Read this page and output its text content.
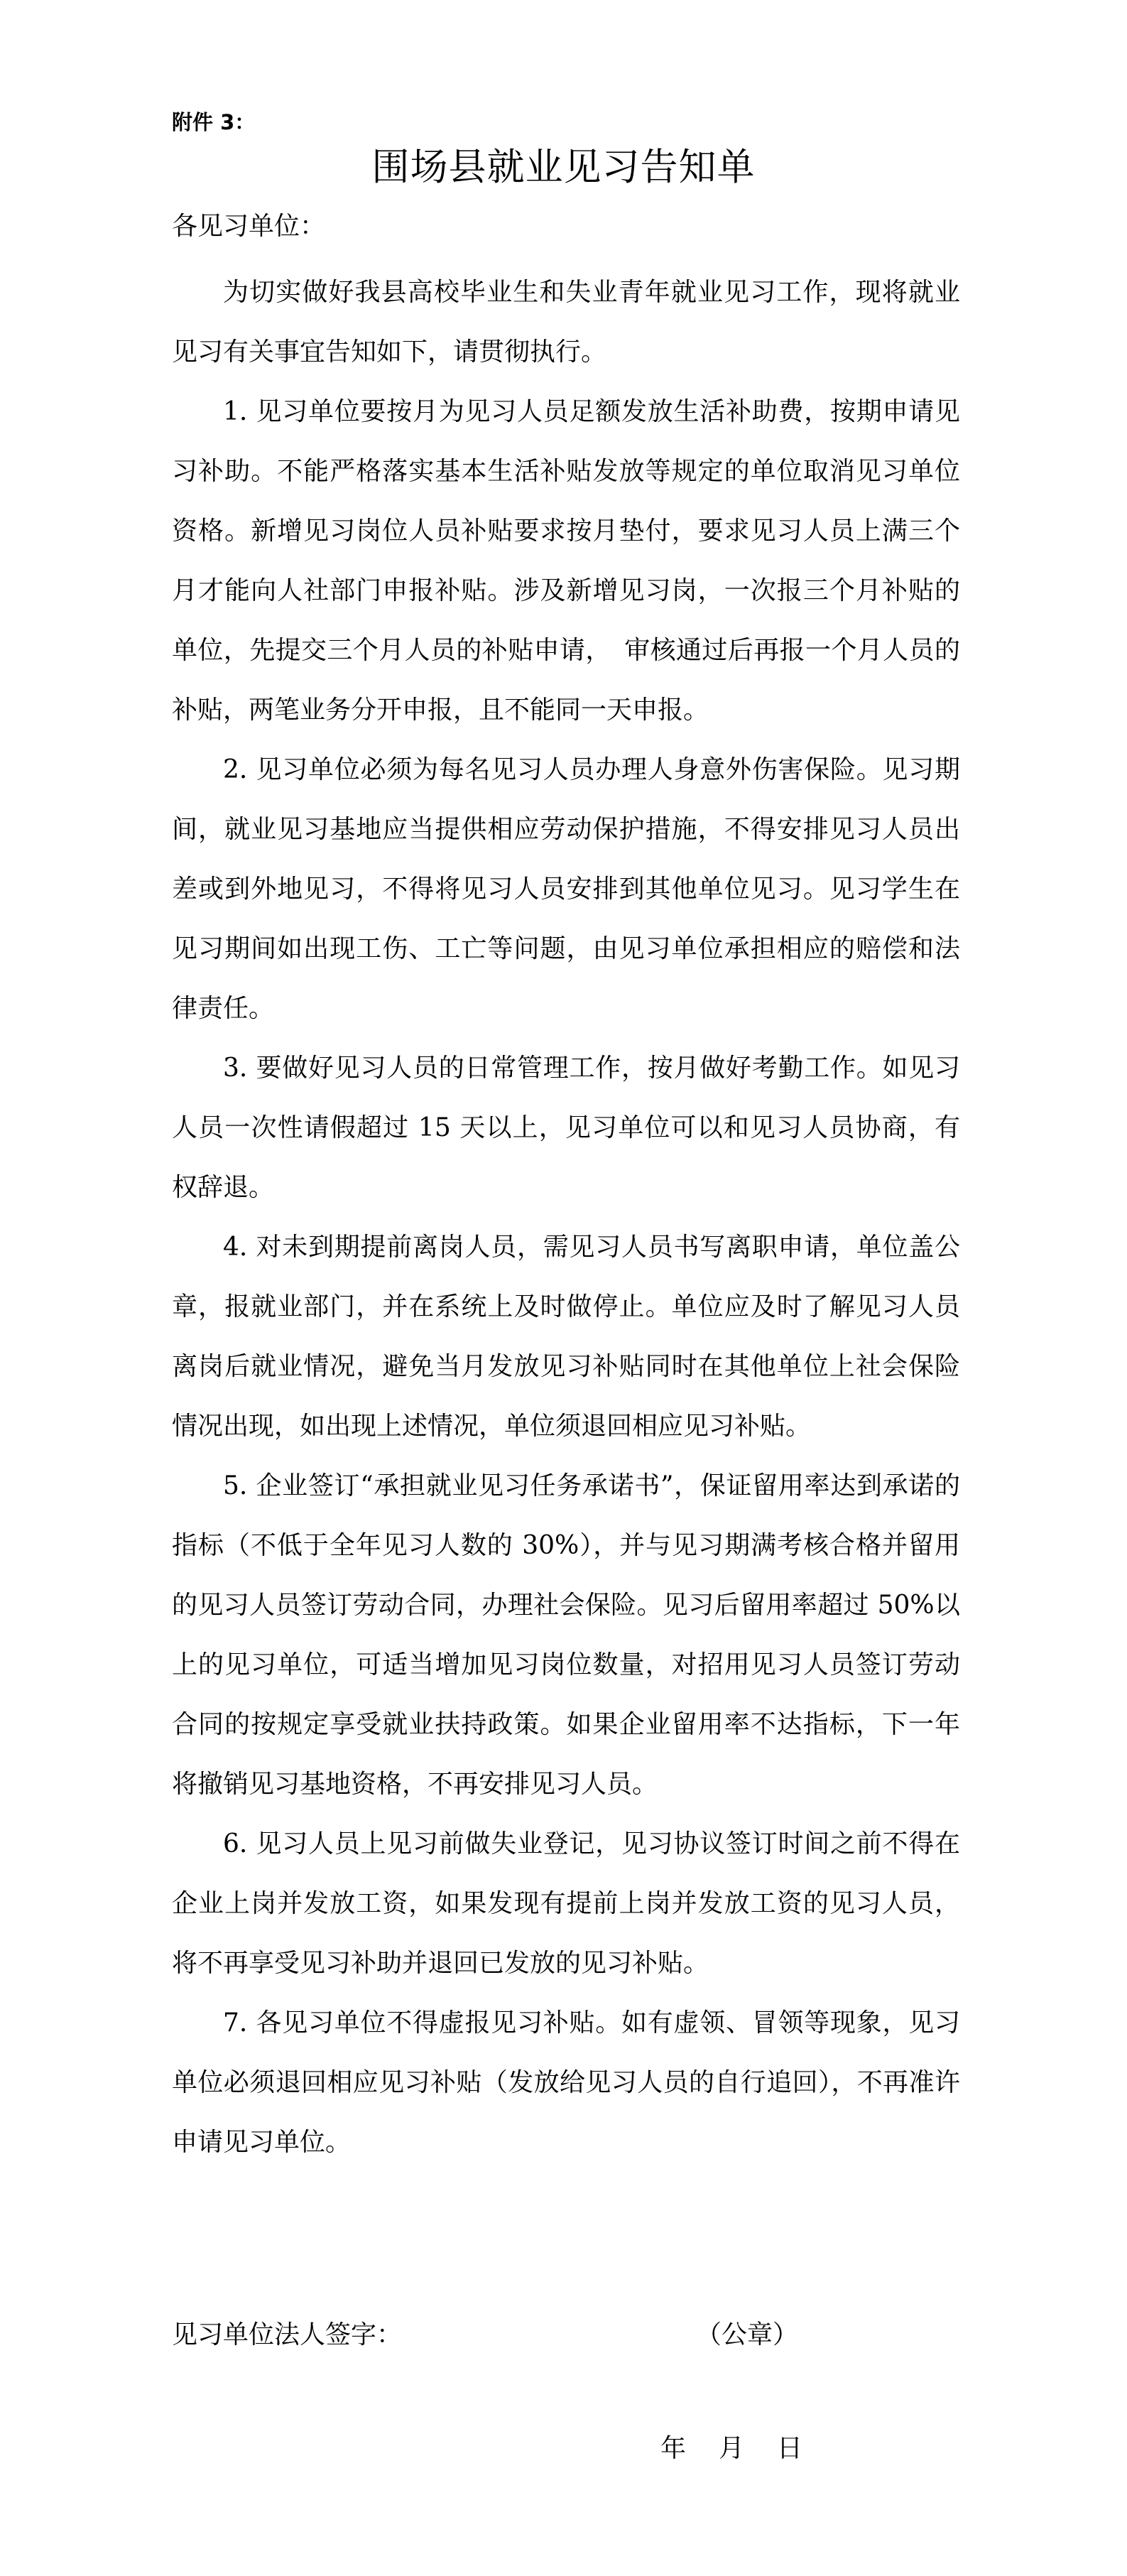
附件 3：
围场县就业见习告知单
各见习单位：

为切实做好我县高校毕业生和失业青年就业见习工作，现将就业见习有关事宜告知如下，请贯彻执行。

1. 见习单位要按月为见习人员足额发放生活补助费，按期申请见习补助。不能严格落实基本生活补贴发放等规定的单位取消见习单位资格。新增见习岗位人员补贴要求按月垫付，要求见习人员上满三个月才能向人社部门申报补贴。涉及新增见习岗，一次报三个月补贴的单位，先提交三个月人员的补贴申请，　审核通过后再报一个月人员的补贴，两笔业务分开申报，且不能同一天申报。

2. 见习单位必须为每名见习人员办理人身意外伤害保险。见习期间，就业见习基地应当提供相应劳动保护措施，不得安排见习人员出差或到外地见习，不得将见习人员安排到其他单位见习。见习学生在见习期间如出现工伤、工亡等问题，由见习单位承担相应的赔偿和法律责任。

3. 要做好见习人员的日常管理工作，按月做好考勤工作。如见习人员一次性请假超过 15 天以上，见习单位可以和见习人员协商，有权辞退。

4. 对未到期提前离岗人员，需见习人员书写离职申请，单位盖公章，报就业部门，并在系统上及时做停止。单位应及时了解见习人员离岗后就业情况，避免当月发放见习补贴同时在其他单位上社会保险情况出现，如出现上述情况，单位须退回相应见习补贴。

5. 企业签订“承担就业见习任务承诺书”，保证留用率达到承诺的指标（不低于全年见习人数的 30%），并与见习期满考核合格并留用的见习人员签订劳动合同，办理社会保险。见习后留用率超过 50%以上的见习单位，可适当增加见习岗位数量，对招用见习人员签订劳动合同的按规定享受就业扶持政策。如果企业留用率不达指标，下一年将撤销见习基地资格，不再安排见习人员。

6. 见习人员上见习前做失业登记，见习协议签订时间之前不得在企业上岗并发放工资，如果发现有提前上岗并发放工资的见习人员，将不再享受见习补助并退回已发放的见习补贴。

7. 各见习单位不得虚报见习补贴。如有虚领、冒领等现象，见习单位必须退回相应见习补贴（发放给见习人员的自行追回），不再准许申请见习单位。

见习单位法人签字：	（公章）
年 月 日
